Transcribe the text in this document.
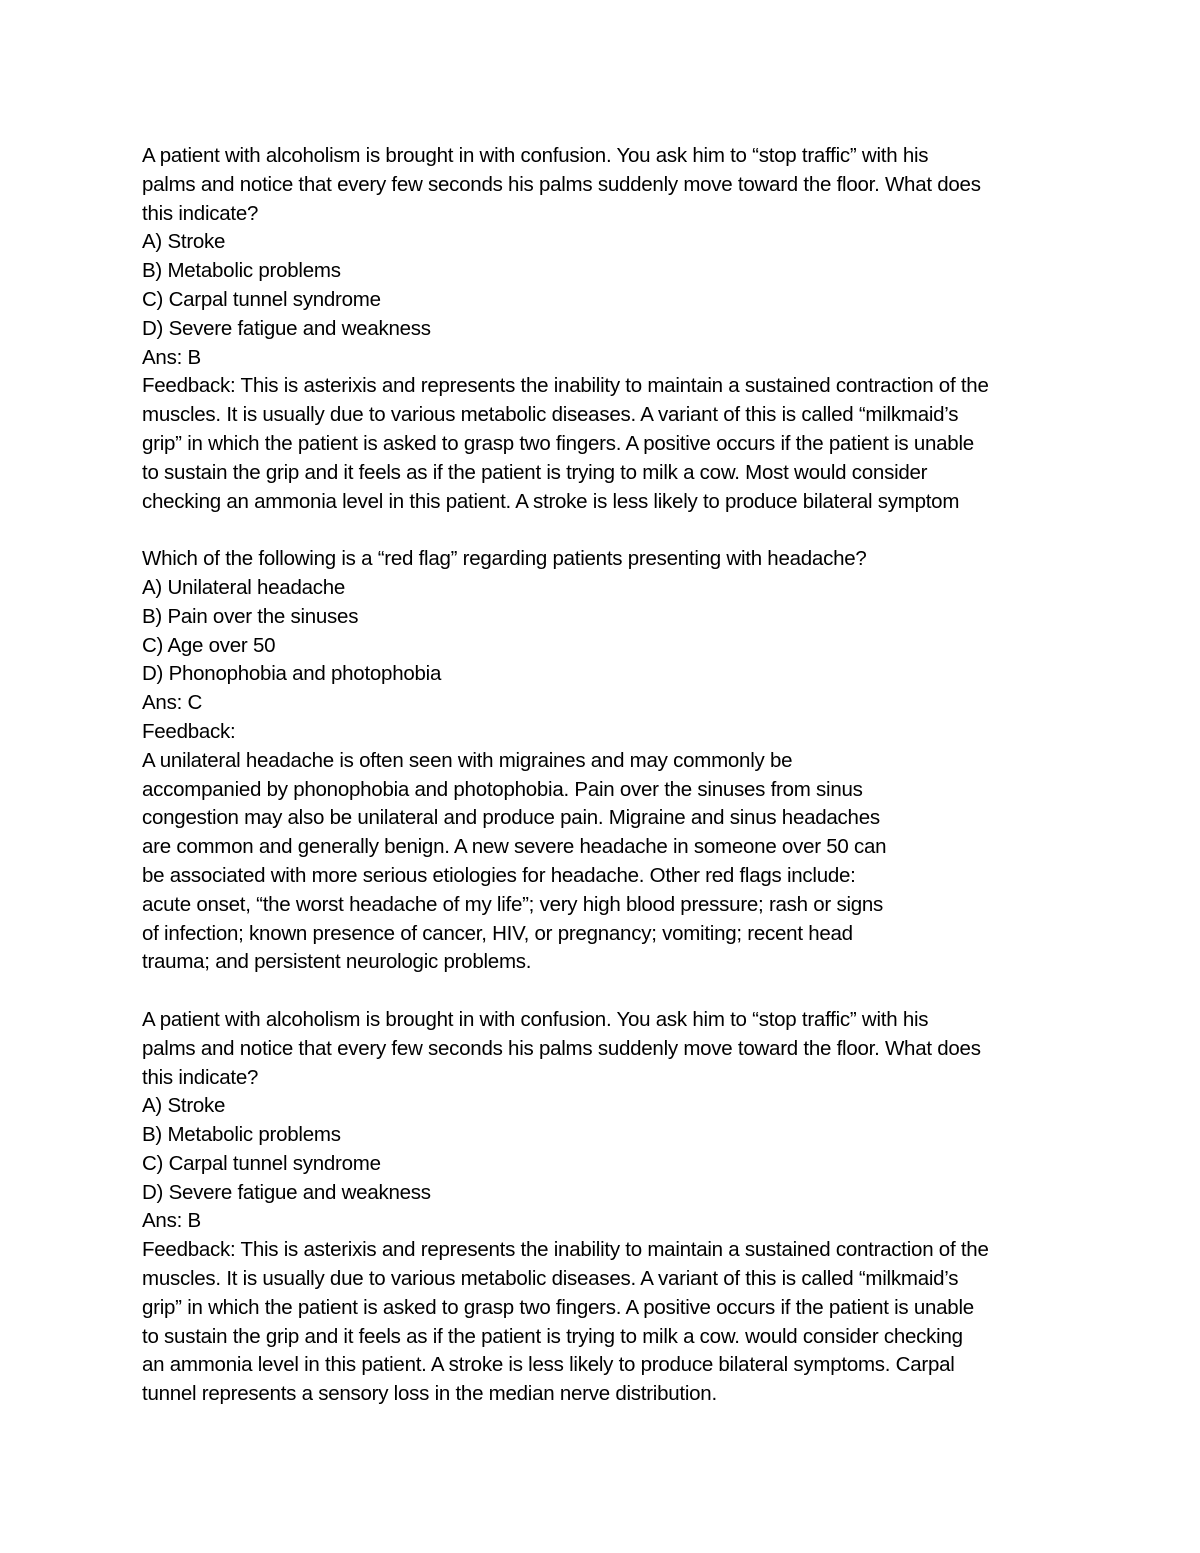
A patient with alcoholism is brought in with confusion. You ask him to “stop traffic” with his
palms and notice that every few seconds his palms suddenly move toward the floor. What does
this indicate?
A) Stroke
B) Metabolic problems
C) Carpal tunnel syndrome
D) Severe fatigue and weakness
Ans: B
Feedback: This is asterixis and represents the inability to maintain a sustained contraction of the
muscles. It is usually due to various metabolic diseases. A variant of this is called “milkmaid’s
grip” in which the patient is asked to grasp two fingers. A positive occurs if the patient is unable
to sustain the grip and it feels as if the patient is trying to milk a cow. Most would consider
checking an ammonia level in this patient. A stroke is less likely to produce bilateral symptom
Which of the following is a “red flag” regarding patients presenting with headache?
A) Unilateral headache
B) Pain over the sinuses
C) Age over 50
D) Phonophobia and photophobia
Ans: C
Feedback:
A unilateral headache is often seen with migraines and may commonly be
accompanied by phonophobia and photophobia. Pain over the sinuses from sinus
congestion may also be unilateral and produce pain. Migraine and sinus headaches
are common and generally benign. A new severe headache in someone over 50 can
be associated with more serious etiologies for headache. Other red flags include:
acute onset, “the worst headache of my life”; very high blood pressure; rash or signs
of infection; known presence of cancer, HIV, or pregnancy; vomiting; recent head
trauma; and persistent neurologic problems.
A patient with alcoholism is brought in with confusion. You ask him to “stop traffic” with his
palms and notice that every few seconds his palms suddenly move toward the floor. What does
this indicate?
A) Stroke
B) Metabolic problems
C) Carpal tunnel syndrome
D) Severe fatigue and weakness
Ans: B
Feedback: This is asterixis and represents the inability to maintain a sustained contraction of the
muscles. It is usually due to various metabolic diseases. A variant of this is called “milkmaid’s
grip” in which the patient is asked to grasp two fingers. A positive occurs if the patient is unable
to sustain the grip and it feels as if the patient is trying to milk a cow. would consider checking
an ammonia level in this patient. A stroke is less likely to produce bilateral symptoms. Carpal
tunnel represents a sensory loss in the median nerve distribution.
